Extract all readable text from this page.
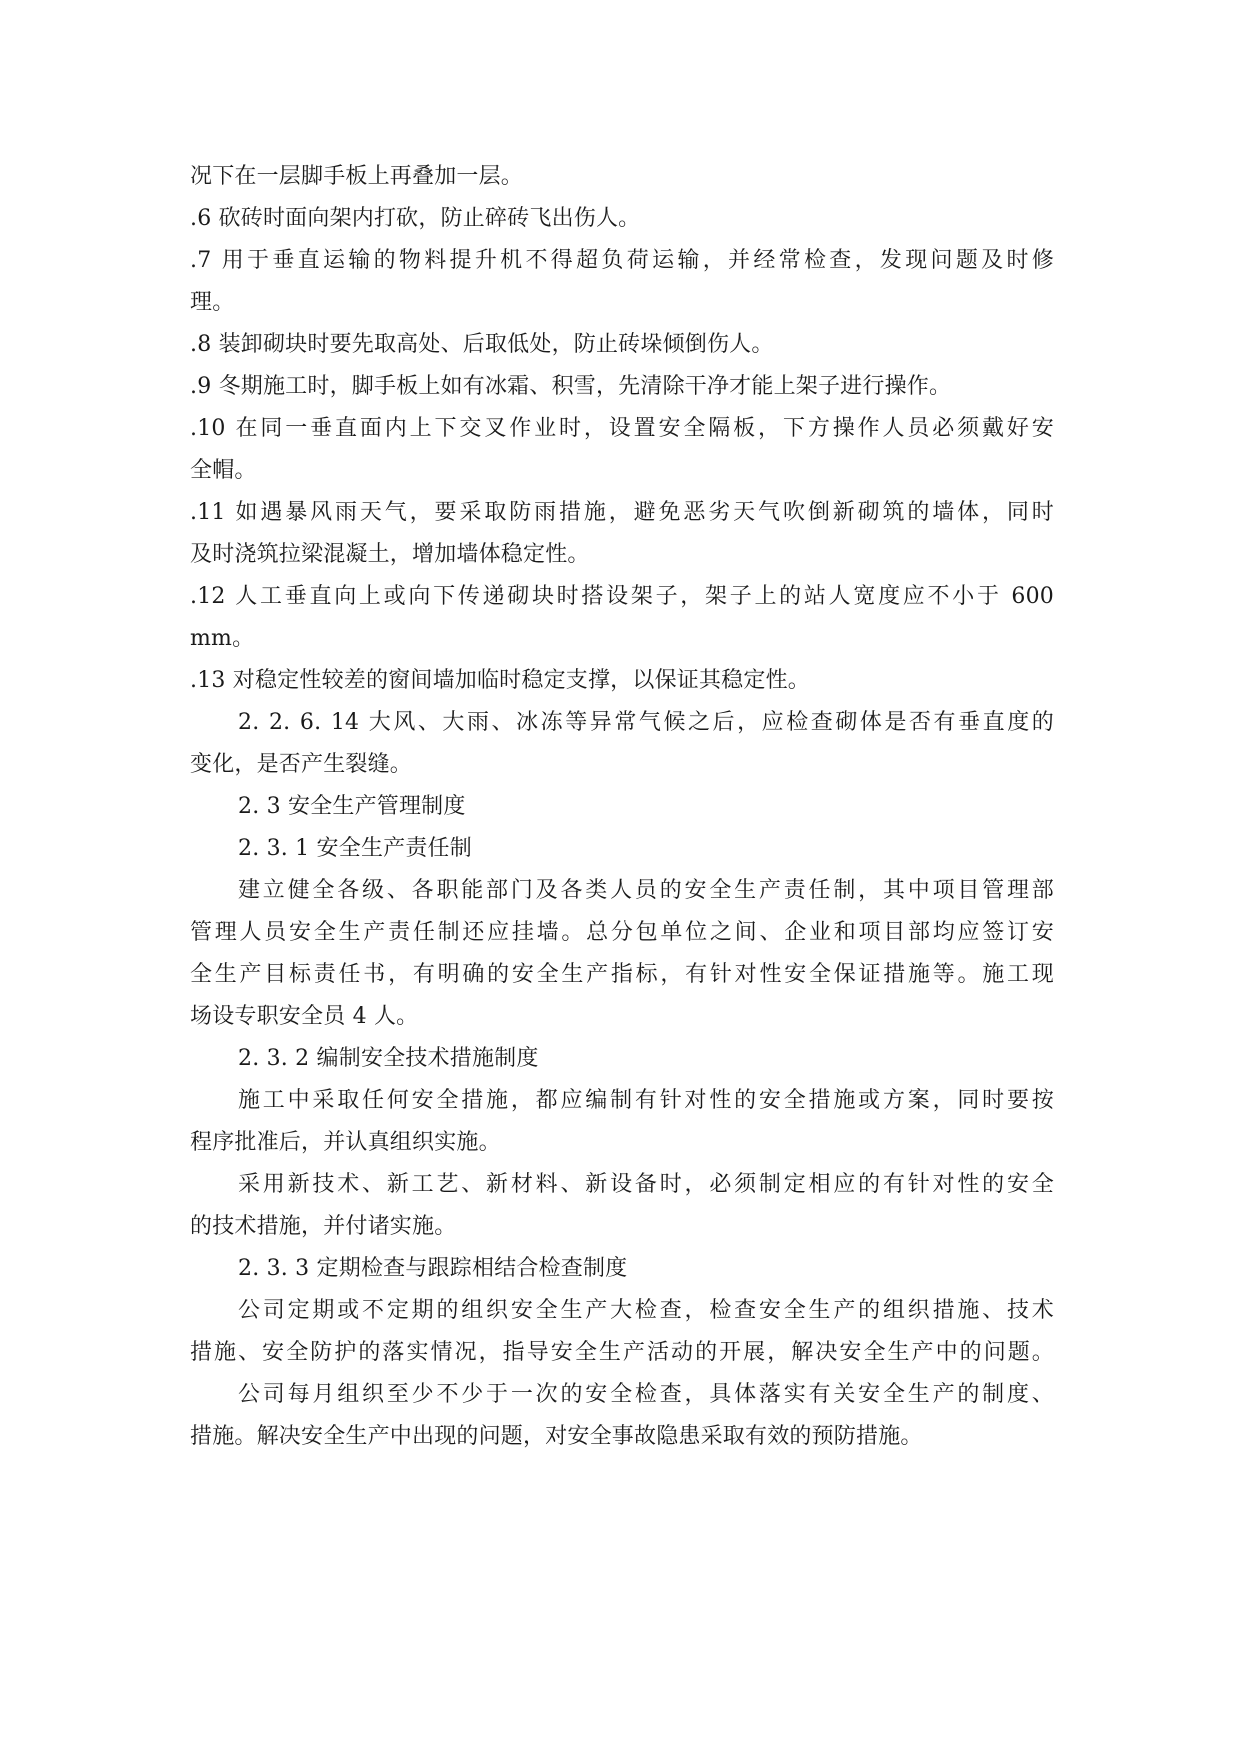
况下在一层脚手板上再叠加一层。
.6 砍砖时面向架内打砍，防止碎砖飞出伤人。
.7 用于垂直运输的物料提升机不得超负荷运输，并经常检查，发现问题及时修
理。
.8 装卸砌块时要先取高处、后取低处，防止砖垛倾倒伤人。
.9 冬期施工时，脚手板上如有冰霜、积雪，先清除干净才能上架子进行操作。
.10 在同一垂直面内上下交叉作业时，设置安全隔板，下方操作人员必须戴好安
全帽。
.11 如遇暴风雨天气，要采取防雨措施，避免恶劣天气吹倒新砌筑的墙体，同时
及时浇筑拉梁混凝土，增加墙体稳定性。
.12 人工垂直向上或向下传递砌块时搭设架子，架子上的站人宽度应不小于 600
mm。
.13 对稳定性较差的窗间墙加临时稳定支撑，以保证其稳定性。
2. 2. 6. 14 大风、大雨、冰冻等异常气候之后，应检查砌体是否有垂直度的
变化，是否产生裂缝。
2. 3 安全生产管理制度
2. 3. 1 安全生产责任制
建立健全各级、各职能部门及各类人员的安全生产责任制，其中项目管理部
管理人员安全生产责任制还应挂墙。总分包单位之间、企业和项目部均应签订安
全生产目标责任书，有明确的安全生产指标，有针对性安全保证措施等。施工现
场设专职安全员 4 人。
2. 3. 2 编制安全技术措施制度
施工中采取任何安全措施，都应编制有针对性的安全措施或方案，同时要按
程序批准后，并认真组织实施。
采用新技术、新工艺、新材料、新设备时，必须制定相应的有针对性的安全
的技术措施，并付诸实施。
2. 3. 3 定期检查与跟踪相结合检查制度
公司定期或不定期的组织安全生产大检查，检查安全生产的组织措施、技术
措施、安全防护的落实情况，指导安全生产活动的开展，解决安全生产中的问题。
公司每月组织至少不少于一次的安全检查，具体落实有关安全生产的制度、
措施。解决安全生产中出现的问题，对安全事故隐患采取有效的预防措施。
